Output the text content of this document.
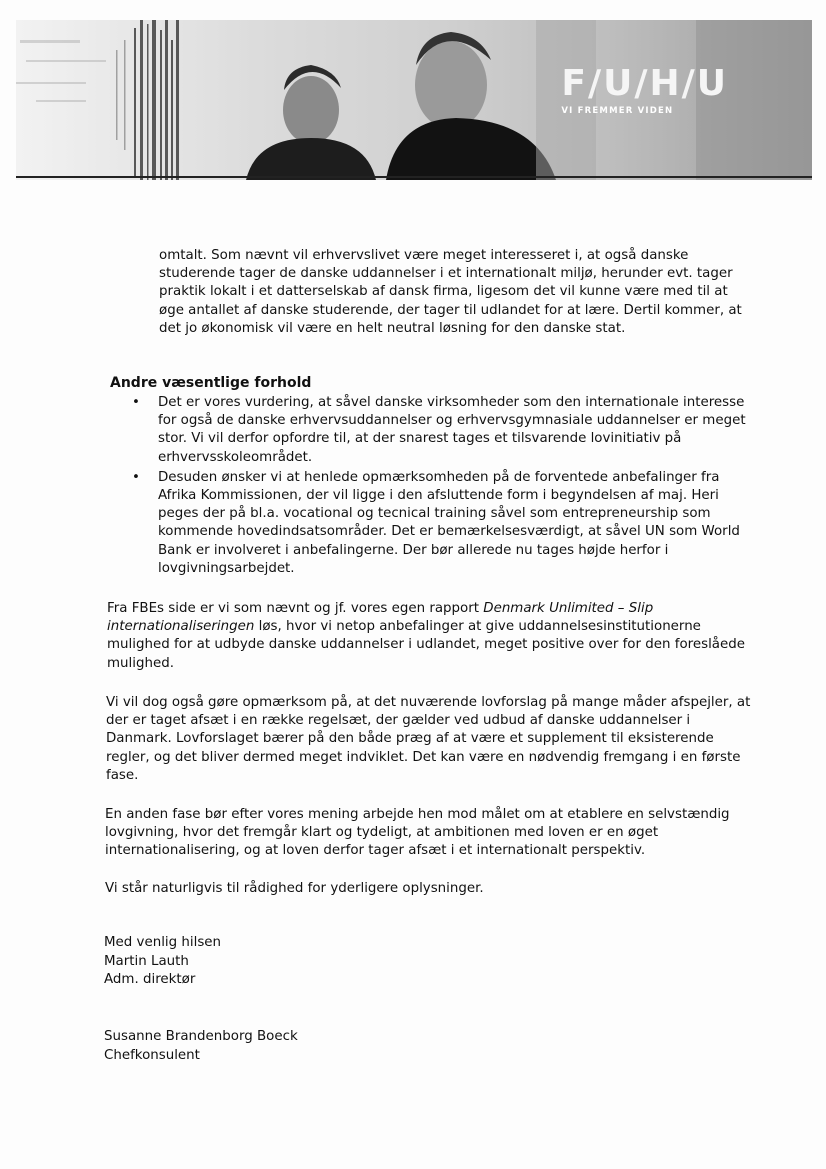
F/U/H/U
VI FREMMER VIDEN

omtalt. Som nævnt vil erhvervslivet være meget interesseret i, at også danske studerende tager de danske uddannelser i et internationalt miljø, herunder evt. tager praktik lokalt i et datterselskab af dansk firma, ligesom det vil kunne være med til at øge antallet af danske studerende, der tager til udlandet for at lære. Dertil kommer, at det jo økonomisk vil være en helt neutral løsning for den danske stat.

Andre væsentlige forhold

• Det er vores vurdering, at såvel danske virksomheder som den internationale interesse for også de danske erhvervsuddannelser og erhvervsgymnasiale uddannelser er meget stor. Vi vil derfor opfordre til, at der snarest tages et tilsvarende lovinitiativ på erhvervsskoleområdet.
• Desuden ønsker vi at henlede opmærksomheden på de forventede anbefalinger fra Afrika Kommissionen, der vil ligge i den afsluttende form i begyndelsen af maj. Heri peges der på bl.a. vocational og tecnical training såvel som entrepreneurship som kommende hovedindsatsområder. Det er bemærkelsesværdigt, at såvel UN som World Bank er involveret i anbefalingerne. Der bør allerede nu tages højde herfor i lovgivningsarbejdet.

Fra FBEs side er vi som nævnt og jf. vores egen rapport Denmark Unlimited – Slip internationaliseringen løs, hvor vi netop anbefalinger at give uddannelsesinstitutionerne mulighed for at udbyde danske uddannelser i udlandet, meget positive over for den foreslåede mulighed.

Vi vil dog også gøre opmærksom på, at det nuværende lovforslag på mange måder afspejler, at der er taget afsæt i en række regelsæt, der gælder ved udbud af danske uddannelser i Danmark. Lovforslaget bærer på den både præg af at være et supplement til eksisterende regler, og det bliver dermed meget indviklet. Det kan være en nødvendig fremgang i en første fase.

En anden fase bør efter vores mening arbejde hen mod målet om at etablere en selvstændig lovgivning, hvor det fremgår klart og tydeligt, at ambitionen med loven er en øget internationalisering, og at loven derfor tager afsæt i et internationalt perspektiv.

Vi står naturligvis til rådighed for yderligere oplysninger.

Med venlig hilsen
Martin Lauth
Adm. direktør
Susanne Brandenborg Boeck
Chefkonsulent
